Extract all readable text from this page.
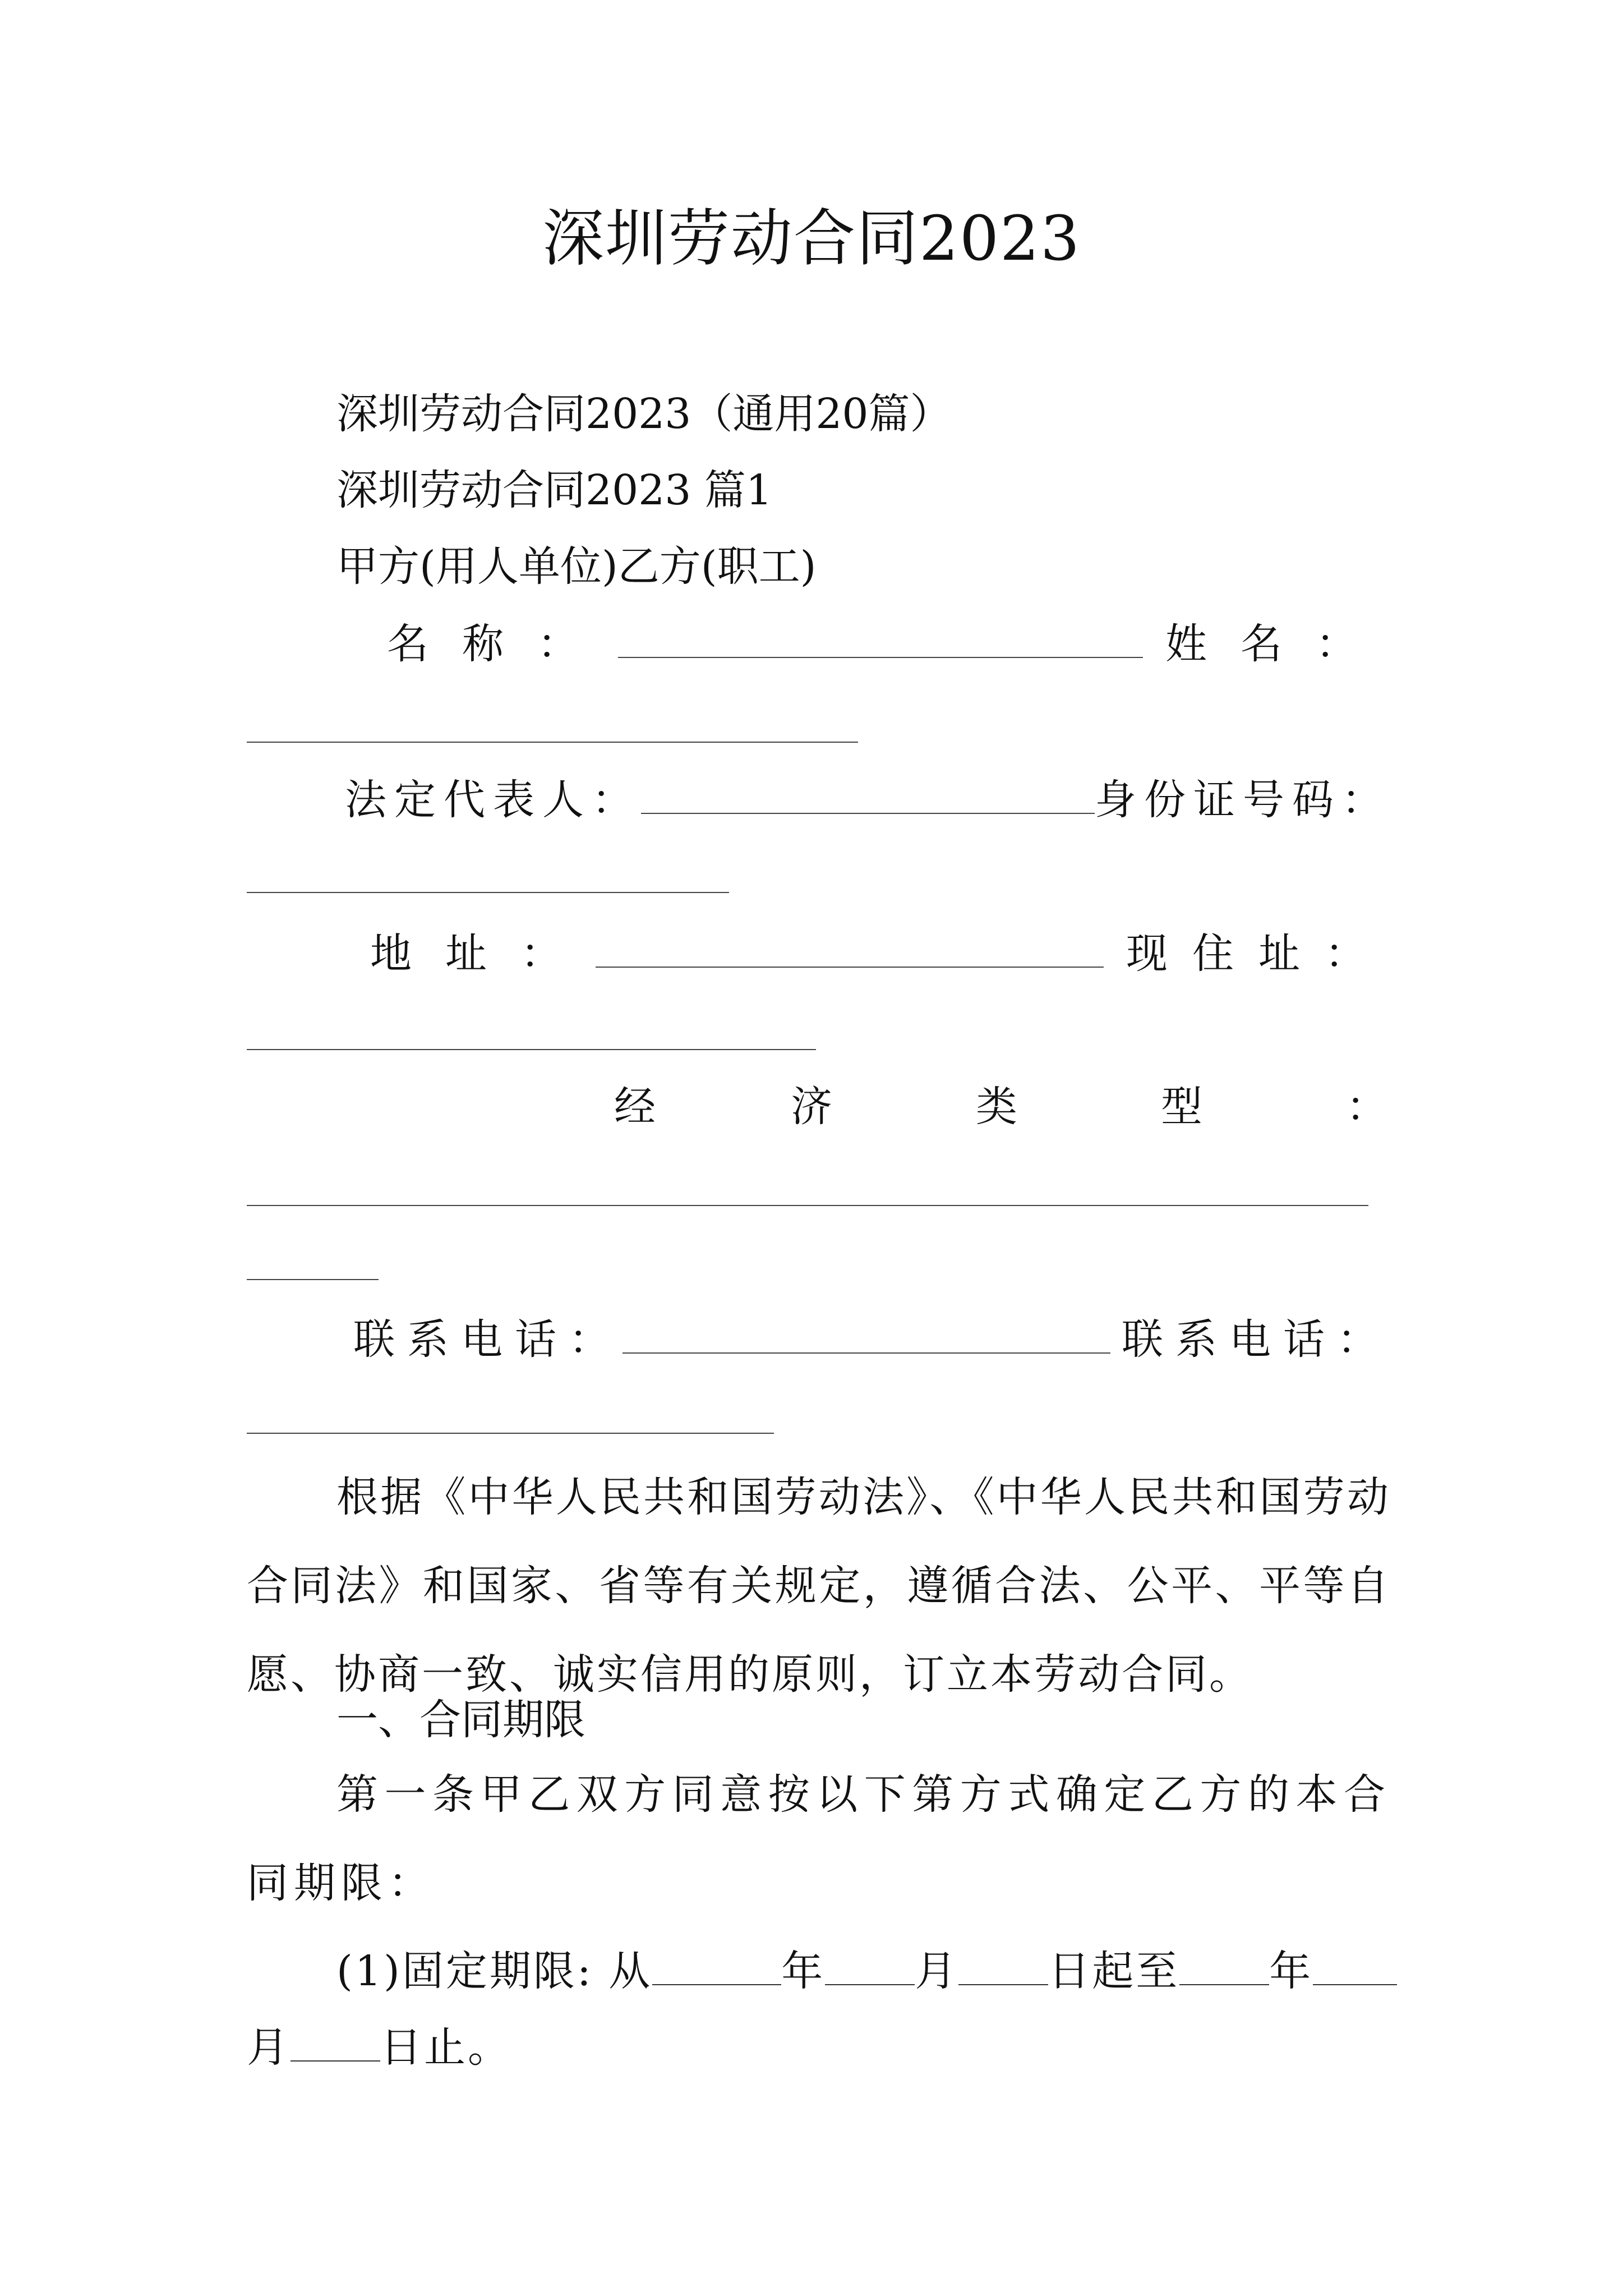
深圳劳动合同2023
深圳劳动合同2023（通用20篇）
深圳劳动合同2023 篇1
甲方(用人单位)乙方(职工)
名称：	姓名：
法定代表人：	身份证号码：
地址：	现住址：
经	济	类	型	：
联系电话：	联系电话：
根据《中华人民共和国劳动法》、《中华人民共和国劳动合同法》和国家、省等有关规定，遵循合法、公平、平等自愿、协商一致、诚实信用的原则，订立本劳动合同。
一、合同期限
第一条甲乙双方同意按以下第方式确定乙方的本合同期限：
(1)固定期限: 从	年 月 日起至 年
月 日止。
